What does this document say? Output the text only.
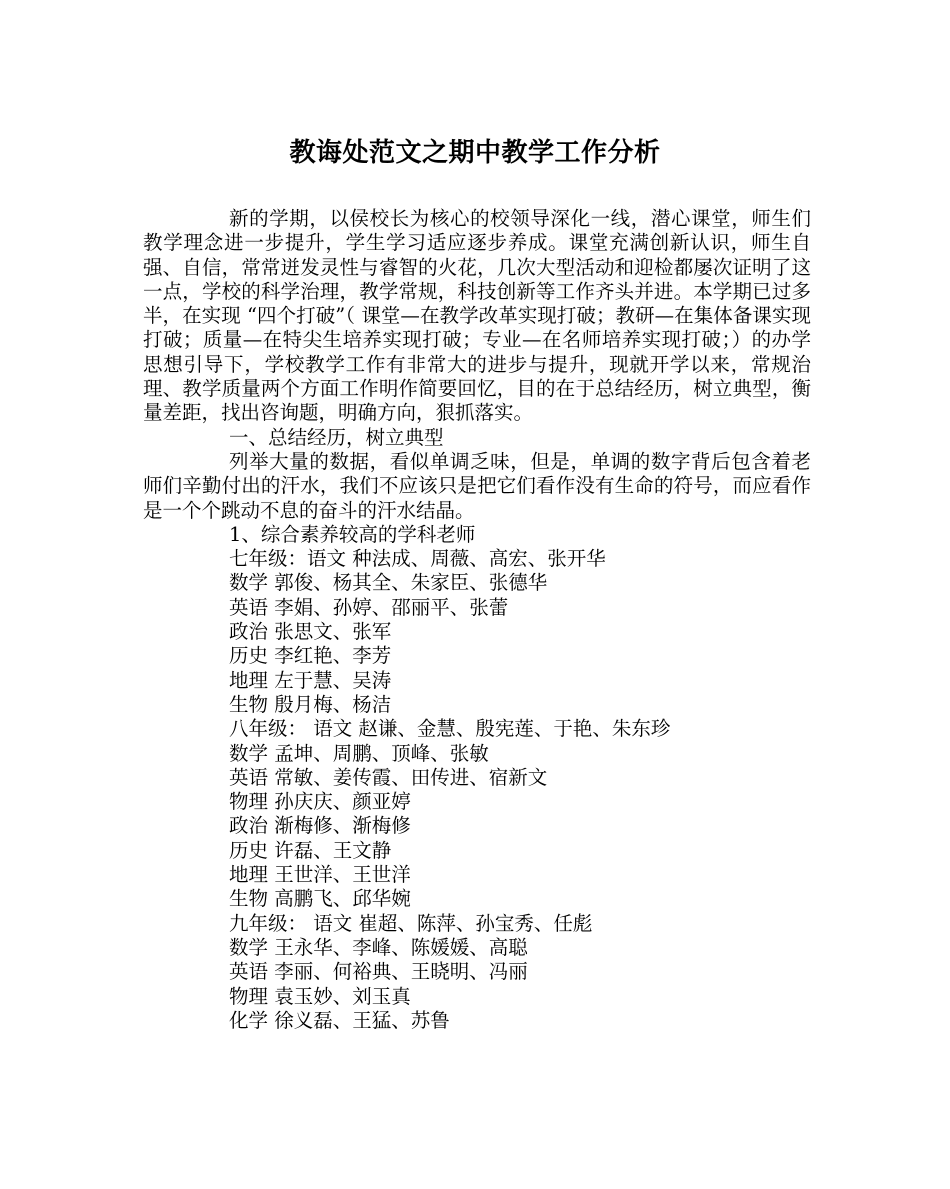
教诲处范文之期中教学工作分析

新的学期，以侯校长为核心的校领导深化一线，潜心课堂，师生们教学理念进一步提升，学生学习适应逐步养成。课堂充满创新认识，师生自强、自信，常常迸发灵性与睿智的火花，几次大型活动和迎检都屡次证明了这一点，学校的科学治理，教学常规，科技创新等工作齐头并进。本学期已过多半，在实现 “四个打破”（ 课堂—在教学改革实现打破；教研—在集体备课实现打破；质量—在特尖生培养实现打破；专业—在名师培养实现打破；）的办学思想引导下，学校教学工作有非常大的进步与提升，现就开学以来，常规治理、教学质量两个方面工作明作简要回忆，目的在于总结经历，树立典型，衡量差距，找出咨询题，明确方向，狠抓落实。

一、总结经历，树立典型

列举大量的数据，看似单调乏味，但是，单调的数字背后包含着老师们辛勤付出的汗水，我们不应该只是把它们看作没有生命的符号，而应看作是一个个跳动不息的奋斗的汗水结晶。

1、综合素养较高的学科老师

七年级：语文 种法成、周薇、高宏、张开华

数学 郭俊、杨其全、朱家臣、张德华

英语 李娟、孙婷、邵丽平、张蕾

政治 张思文、张军

历史 李红艳、李芳

地理 左于慧、吴涛

生物 殷月梅、杨洁

八年级： 语文 赵谦、金慧、殷宪莲、于艳、朱东珍

数学 孟坤、周鹏、顶峰、张敏

英语 常敏、姜传霞、田传进、宿新文

物理 孙庆庆、颜亚婷

政治 渐梅修、渐梅修

历史 许磊、王文静

地理 王世洋、王世洋

生物 高鹏飞、邱华婉

九年级： 语文 崔超、陈萍、孙宝秀、任彪

数学 王永华、李峰、陈媛媛、高聪

英语 李丽、何裕典、王晓明、冯丽

物理 袁玉妙、刘玉真

化学 徐义磊、王猛、苏鲁
